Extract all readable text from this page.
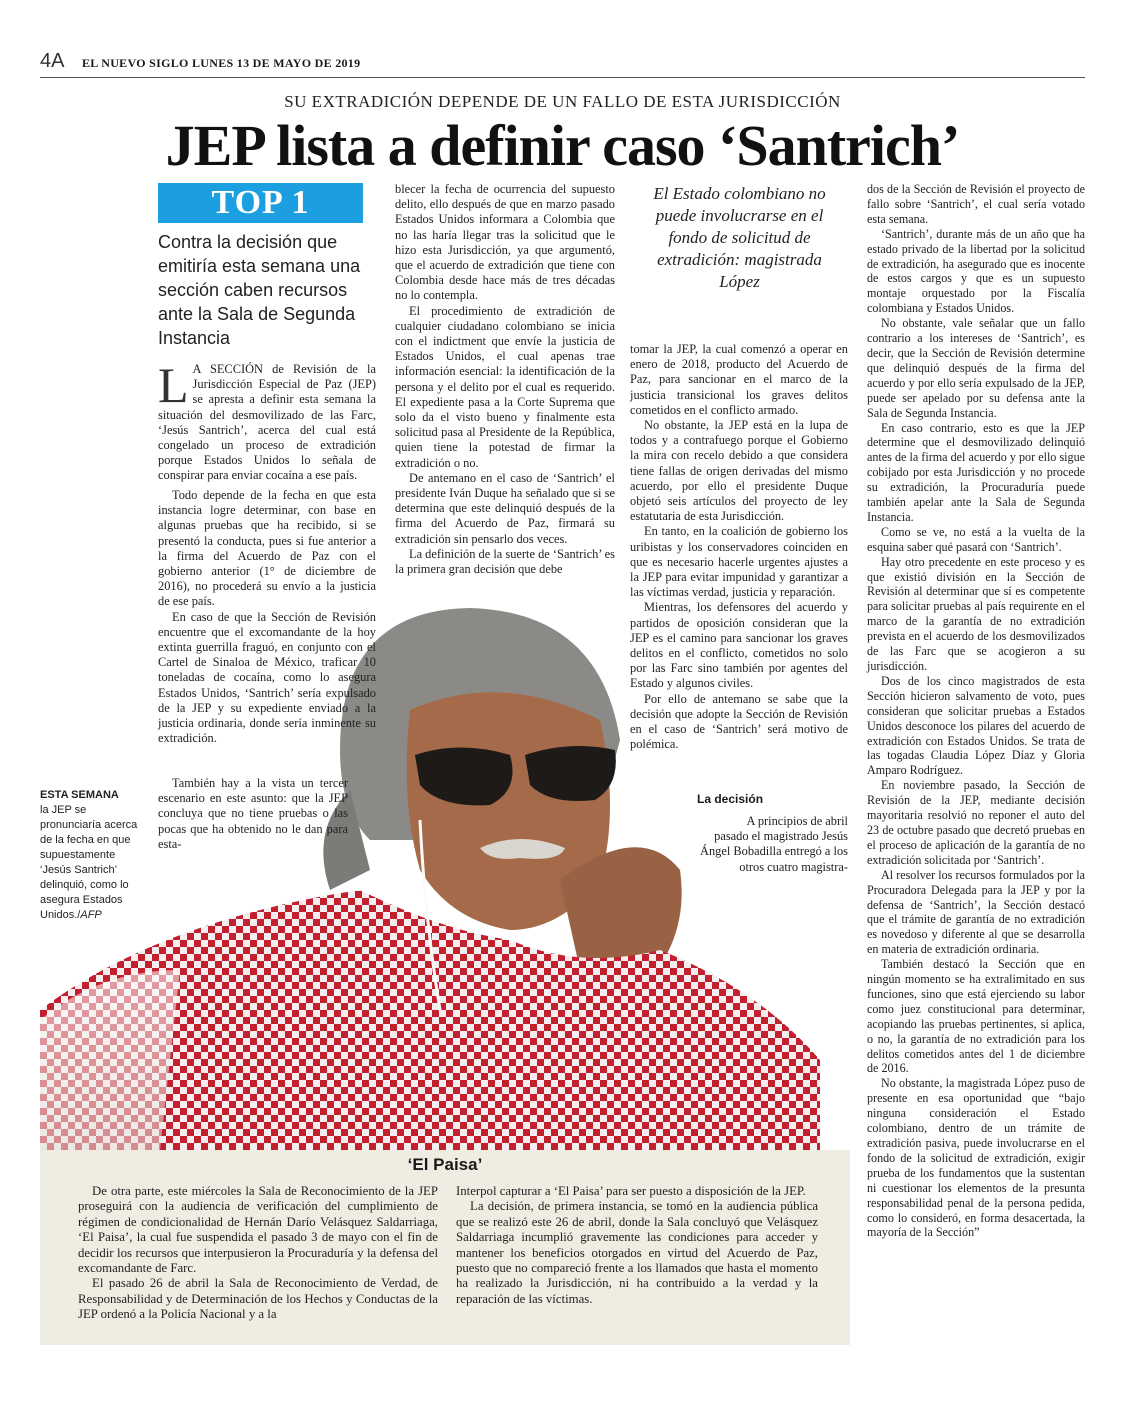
4A EL NUEVO SIGLO LUNES 13 DE MAYO DE 2019
SU EXTRADICIÓN DEPENDE DE UN FALLO DE ESTA JURISDICCIÓN
JEP lista a definir caso ‘Santrich’
TOP 1
Contra la decisión que emitiría esta semana una sección caben recursos ante la Sala de Segunda Instancia
El Estado colombiano no puede involucrarse en el fondo de solicitud de extradición: magistrada López

L A SECCIÓN de Revisión de la Jurisdicción Especial de Paz (JEP) se apresta a definir esta semana la situación del desmovilizado de las Farc, ‘Jesús Santrich’, acerca del cual está congelado un proceso de extradición porque Estados Unidos lo señala de conspirar para enviar cocaína a ese país.

Todo depende de la fecha en que esta instancia logre determinar, con base en algunas pruebas que ha recibido, si se presentó la conducta, pues si fue anterior a la firma del Acuerdo de Paz con el gobierno anterior (1° de diciembre de 2016), no procederá su envío a la justicia de ese país.

En caso de que la Sección de Revisión encuentre que el excomandante de la hoy extinta guerrilla fraguó, en conjunto con el Cartel de Sinaloa de México, traficar 10 toneladas de cocaína, como lo asegura Estados Unidos, ‘Santrich’ sería expulsado de la JEP y su expediente enviado a la justicia ordinaria, donde sería inminente su extradición.

También hay a la vista un tercer escenario en este asunto: que la JEP concluya que no tiene pruebas o las pocas que ha obtenido no le dan para esta-

blecer la fecha de ocurrencia del supuesto delito, ello después de que en marzo pasado Estados Unidos informara a Colombia que no las haría llegar tras la solicitud que le hizo esta Jurisdicción, ya que argumentó, que el acuerdo de extradición que tiene con Colombia desde hace más de tres décadas no lo contempla.

El procedimiento de extradición de cualquier ciudadano colombiano se inicia con el indictment que envíe la justicia de Estados Unidos, el cual apenas trae información esencial: la identificación de la persona y el delito por el cual es requerido. El expediente pasa a la Corte Suprema que solo da el visto bueno y finalmente esta solicitud pasa al Presidente de la República, quien tiene la potestad de firmar la extradición o no.

De antemano en el caso de ‘Santrich’ el presidente Iván Duque ha señalado que si se determina que este delinquió después de la firma del Acuerdo de Paz, firmará su extradición sin pensarlo dos veces.

La definición de la suerte de ‘Santrich’ es la primera gran decisión que debe

tomar la JEP, la cual comenzó a operar en enero de 2018, producto del Acuerdo de Paz, para sancionar en el marco de la justicia transicional los graves delitos cometidos en el conflicto armado.

No obstante, la JEP está en la lupa de todos y a contrafuego porque el Gobierno la mira con recelo debido a que considera tiene fallas de origen derivadas del mismo acuerdo, por ello el presidente Duque objetó seis artículos del proyecto de ley estatutaria de esta Jurisdicción.

En tanto, en la coalición de gobierno los uribistas y los conservadores coinciden en que es necesario hacerle urgentes ajustes a la JEP para evitar impunidad y garantizar a las víctimas verdad, justicia y reparación.

Mientras, los defensores del acuerdo y partidos de oposición consideran que la JEP es el camino para sancionar los graves delitos en el conflicto, cometidos no solo por las Farc sino también por agentes del Estado y algunos civiles.

Por ello de antemano se sabe que la decisión que adopte la Sección de Revisión en el caso de ‘Santrich’ será motivo de polémica.

La decisión

A principios de abril pasado el magistrado Jesús Ángel Bobadilla entregó a los otros cuatro magistra-

dos de la Sección de Revisión el proyecto de fallo sobre ‘Santrich’, el cual sería votado esta semana.

‘Santrich’, durante más de un año que ha estado privado de la libertad por la solicitud de extradición, ha asegurado que es inocente de estos cargos y que es un supuesto montaje orquestado por la Fiscalía colombiana y Estados Unidos.

No obstante, vale señalar que un fallo contrario a los intereses de ‘Santrich’, es decir, que la Sección de Revisión determine que delinquió después de la firma del acuerdo y por ello sería expulsado de la JEP, puede ser apelado por su defensa ante la Sala de Segunda Instancia.

En caso contrario, esto es que la JEP determine que el desmovilizado delinquió antes de la firma del acuerdo y por ello sigue cobijado por esta Jurisdicción y no procede su extradición, la Procuraduría puede también apelar ante la Sala de Segunda Instancia.

Como se ve, no está a la vuelta de la esquina saber qué pasará con ‘Santrich’.

Hay otro precedente en este proceso y es que existió división en la Sección de Revisión al determinar que sí es competente para solicitar pruebas al país requirente en el marco de la garantía de no extradición prevista en el acuerdo de los desmovilizados de las Farc que se acogieron a su jurisdicción.

Dos de los cinco magistrados de esta Sección hicieron salvamento de voto, pues consideran que solicitar pruebas a Estados Unidos desconoce los pilares del acuerdo de extradición con Estados Unidos. Se trata de las togadas Claudia López Díaz y Gloria Amparo Rodríguez.

En noviembre pasado, la Sección de Revisión de la JEP, mediante decisión mayoritaria resolvió no reponer el auto del 23 de octubre pasado que decretó pruebas en el proceso de aplicación de la garantía de no extradición solicitada por ‘Santrich’.

Al resolver los recursos formulados por la Procuradora Delegada para la JEP y por la defensa de ‘Santrich’, la Sección destacó que el trámite de garantía de no extradición es novedoso y diferente al que se desarrolla en materia de extradición ordinaria.

También destacó la Sección que en ningún momento se ha extralimitado en sus funciones, sino que está ejerciendo su labor como juez constitucional para determinar, acopiando las pruebas pertinentes, si aplica, o no, la garantía de no extradición para los delitos cometidos antes del 1 de diciembre de 2016.

No obstante, la magistrada López puso de presente en esa oportunidad que “bajo ninguna consideración el Estado colombiano, dentro de un trámite de extradición pasiva, puede involucrarse en el fondo de la solicitud de extradición, exigir prueba de los fundamentos que la sustentan ni cuestionar los elementos de la presunta responsabilidad penal de la persona pedida, como lo consideró, en forma desacertada, la mayoría de la Sección”

ESTA SEMANA
la JEP se pronunciaría acerca de la fecha en que supuestamente ‘Jesús Santrich’ delinquió, como lo asegura Estados Unidos./AFP
‘El Paisa’

De otra parte, este miércoles la Sala de Reconocimiento de la JEP proseguirá con la audiencia de verificación del cumplimiento de régimen de condicionalidad de Hernán Darío Velásquez Saldarriaga, ‘El Paisa’, la cual fue suspendida el pasado 3 de mayo con el fin de decidir los recursos que interpusieron la Procuraduría y la defensa del excomandante de Farc.

El pasado 26 de abril la Sala de Reconocimiento de Verdad, de Responsabilidad y de Determinación de los Hechos y Conductas de la JEP ordenó a la Policía Nacional y a la

Interpol capturar a ‘El Paisa’ para ser puesto a disposición de la JEP.

La decisión, de primera instancia, se tomó en la audiencia pública que se realizó este 26 de abril, donde la Sala concluyó que Velásquez Saldarriaga incumplió gravemente las condiciones para acceder y mantener los beneficios otorgados en virtud del Acuerdo de Paz, puesto que no compareció frente a los llamados que hasta el momento ha realizado la Jurisdicción, ni ha contribuido a la verdad y la reparación de las víctimas.
